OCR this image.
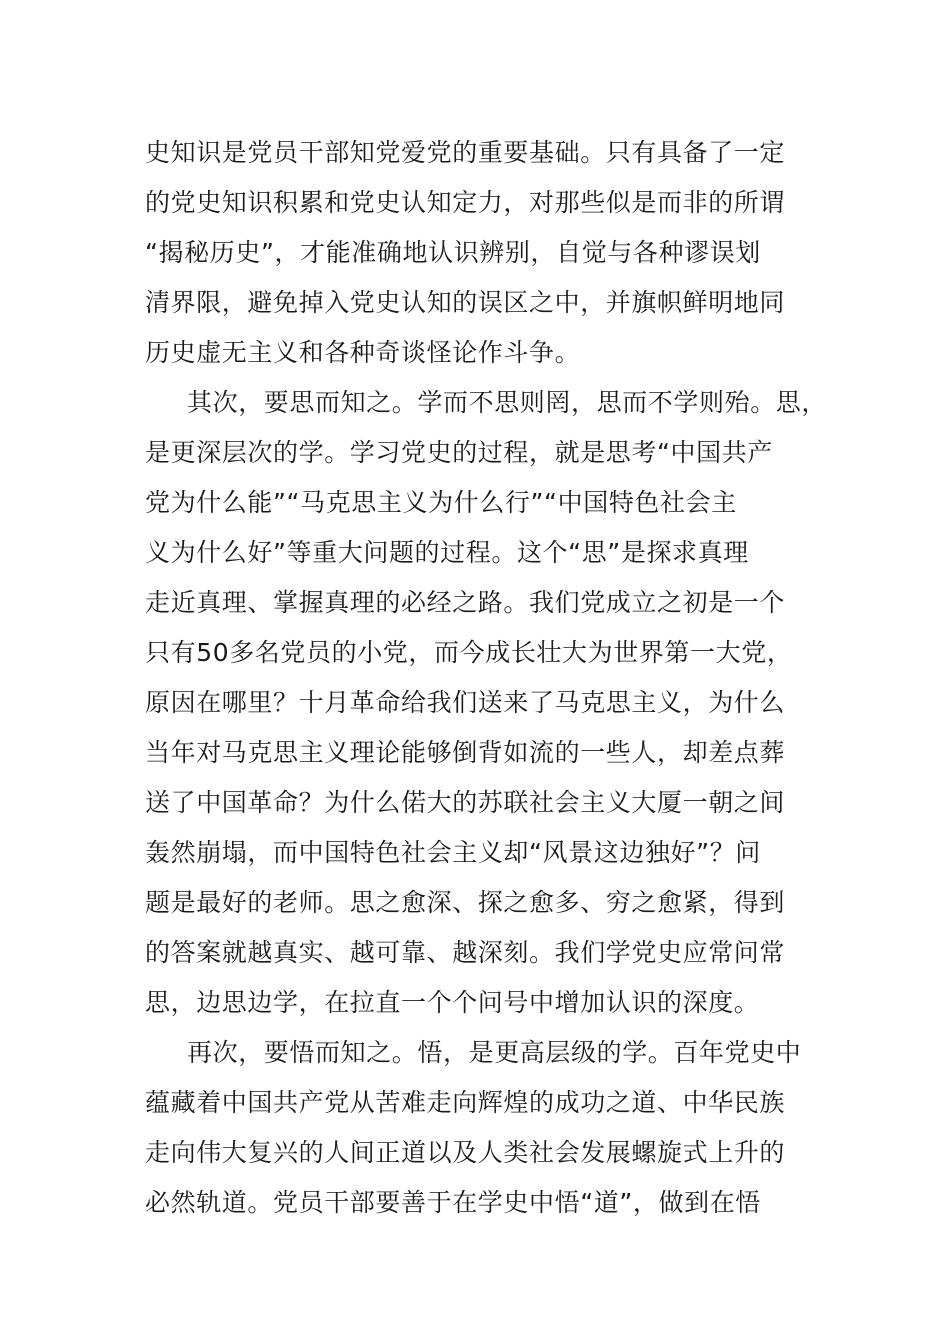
史知识是党员干部知党爱党的重要基础。只有具备了一定
的党史知识积累和党史认知定力，对那些似是而非的所谓
“揭秘历史”，才能准确地认识辨别，自觉与各种谬误划
清界限，避免掉入党史认知的误区之中，并旗帜鲜明地同
历史虚无主义和各种奇谈怪论作斗争。
其次，要思而知之。学而不思则罔，思而不学则殆。思，
是更深层次的学。学习党史的过程，就是思考“中国共产
党为什么能”“马克思主义为什么行”“中国特色社会主
义为什么好”等重大问题的过程。这个“思”是探求真理
走近真理、掌握真理的必经之路。我们党成立之初是一个
只有50多名党员的小党，而今成长壮大为世界第一大党，
原因在哪里？十月革命给我们送来了马克思主义，为什么
当年对马克思主义理论能够倒背如流的一些人，却差点葬
送了中国革命？为什么偌大的苏联社会主义大厦一朝之间
轰然崩塌，而中国特色社会主义却“风景这边独好”？问
题是最好的老师。思之愈深、探之愈多、穷之愈紧，得到
的答案就越真实、越可靠、越深刻。我们学党史应常问常
思，边思边学，在拉直一个个问号中增加认识的深度。
再次，要悟而知之。悟，是更高层级的学。百年党史中
蕴藏着中国共产党从苦难走向辉煌的成功之道、中华民族
走向伟大复兴的人间正道以及人类社会发展螺旋式上升的
必然轨道。党员干部要善于在学史中悟“道”，做到在悟
